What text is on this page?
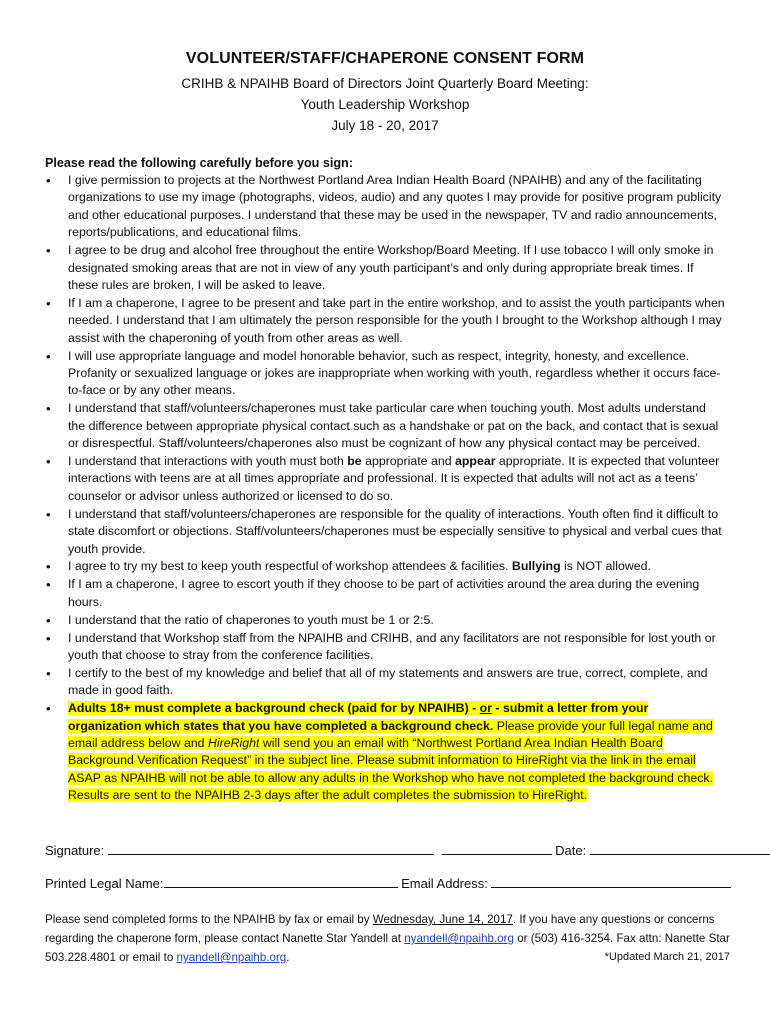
VOLUNTEER/STAFF/CHAPERONE CONSENT FORM
CRIHB & NPAIHB Board of Directors Joint Quarterly Board Meeting:
Youth Leadership Workshop
July 18 - 20, 2017
Please read the following carefully before you sign:
• I give permission to projects at the Northwest Portland Area Indian Health Board (NPAIHB) and any of the facilitating organizations to use my image (photographs, videos, audio) and any quotes I may provide for positive program publicity and other educational purposes. I understand that these may be used in the newspaper, TV and radio announcements, reports/publications, and educational films.
• I agree to be drug and alcohol free throughout the entire Workshop/Board Meeting. If I use tobacco I will only smoke in designated smoking areas that are not in view of any youth participant’s and only during appropriate break times. If these rules are broken, I will be asked to leave.
• If I am a chaperone, I agree to be present and take part in the entire workshop, and to assist the youth participants when needed. I understand that I am ultimately the person responsible for the youth I brought to the Workshop although I may assist with the chaperoning of youth from other areas as well.
• I will use appropriate language and model honorable behavior, such as respect, integrity, honesty, and excellence. Profanity or sexualized language or jokes are inappropriate when working with youth, regardless whether it occurs face-to-face or by any other means.
• I understand that staff/volunteers/chaperones must take particular care when touching youth. Most adults understand the difference between appropriate physical contact such as a handshake or pat on the back, and contact that is sexual or disrespectful. Staff/volunteers/chaperones also must be cognizant of how any physical contact may be perceived.
• I understand that interactions with youth must both be appropriate and appear appropriate. It is expected that volunteer interactions with teens are at all times appropriate and professional. It is expected that adults will not act as a teens’ counselor or advisor unless authorized or licensed to do so.
• I understand that staff/volunteers/chaperones are responsible for the quality of interactions. Youth often find it difficult to state discomfort or objections. Staff/volunteers/chaperones must be especially sensitive to physical and verbal cues that youth provide.
• I agree to try my best to keep youth respectful of workshop attendees & facilities. Bullying is NOT allowed.
• If I am a chaperone, I agree to escort youth if they choose to be part of activities around the area during the evening hours.
• I understand that the ratio of chaperones to youth must be 1 or 2:5.
• I understand that Workshop staff from the NPAIHB and CRIHB, and any facilitators are not responsible for lost youth or youth that choose to stray from the conference facilities.
• I certify to the best of my knowledge and belief that all of my statements and answers are true, correct, complete, and made in good faith.
• Adults 18+ must complete a background check (paid for by NPAIHB) - or - submit a letter from your organization which states that you have completed a background check. Please provide your full legal name and email address below and HireRight will send you an email with “Northwest Portland Area Indian Health Board Background Verification Request” in the subject line. Please submit information to HireRight via the link in the email ASAP as NPAIHB will not be able to allow any adults in the Workshop who have not completed the background check. Results are sent to the NPAIHB 2-3 days after the adult completes the submission to HireRight.
Signature:	Date:
Printed Legal Name:	Email Address:
Please send completed forms to the NPAIHB by fax or email by Wednesday, June 14, 2017. If you have any questions or concerns regarding the chaperone form, please contact Nanette Star Yandell at nyandell@npaihb.org or (503) 416-3254. Fax attn: Nanette Star 503.228.4801 or email to nyandell@npaihb.org.	*Updated March 21, 2017
